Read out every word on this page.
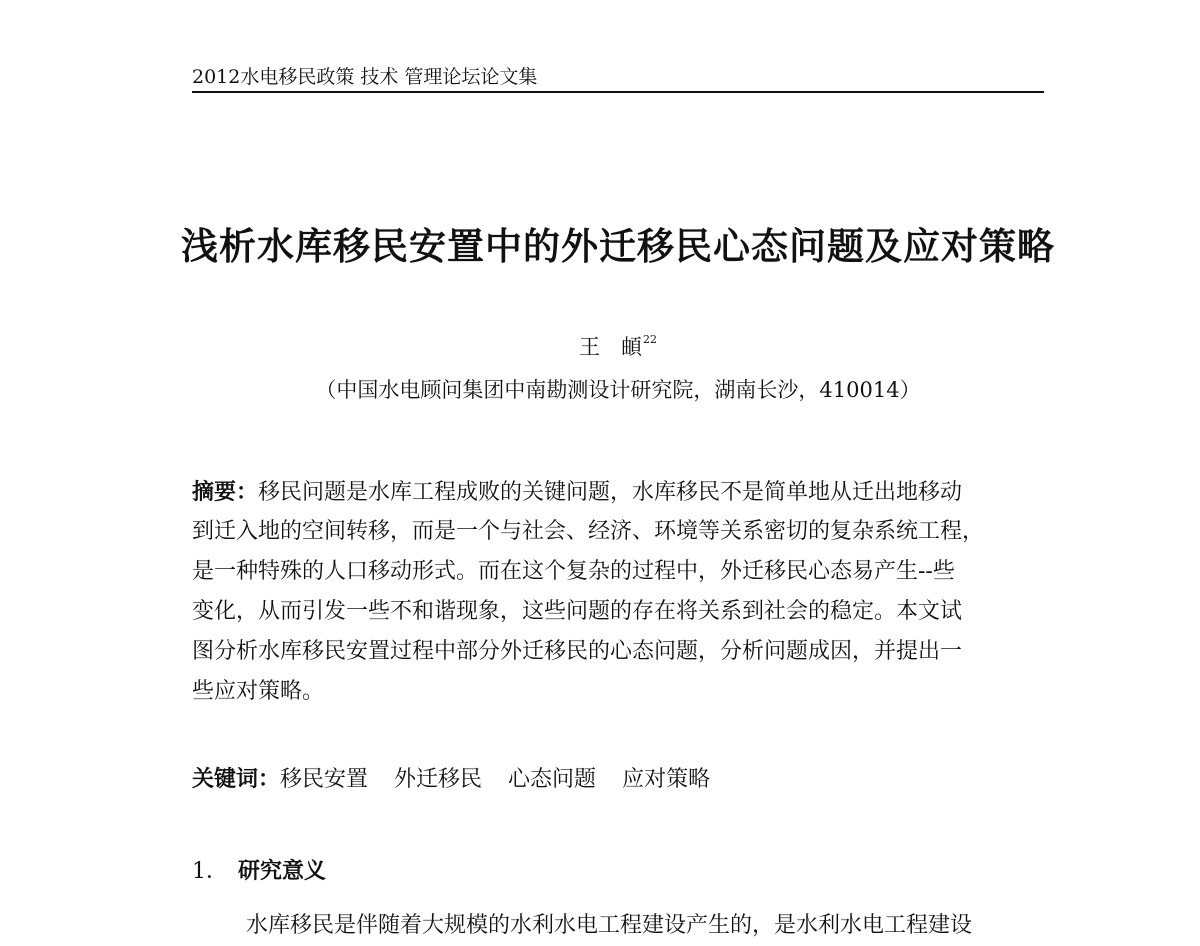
2012水电移民政策 技术 管理论坛论文集
浅析水库移民安置中的外迁移民心态问题及应对策略
王　頔$^{22}$
（中国水电顾问集团中南勘测设计研究院，湖南长沙，410014）
摘要：移民问题是水库工程成败的关键问题，水库移民不是简单地从迁出地移动
到迁入地的空间转移，而是一个与社会、经济、环境等关系密切的复杂系统工程，
是一种特殊的人口移动形式。而在这个复杂的过程中，外迁移民心态易产生--些
变化，从而引发一些不和谐现象，这些问题的存在将关系到社会的稳定。本文试
图分析水库移民安置过程中部分外迁移民的心态问题，分析问题成因，并提出一
些应对策略。
关键词：移民安置 外迁移民 心态问题 应对策略
1． 研究意义
水库移民是伴随着大规模的水利水电工程建设产生的，是水利水电工程建设
